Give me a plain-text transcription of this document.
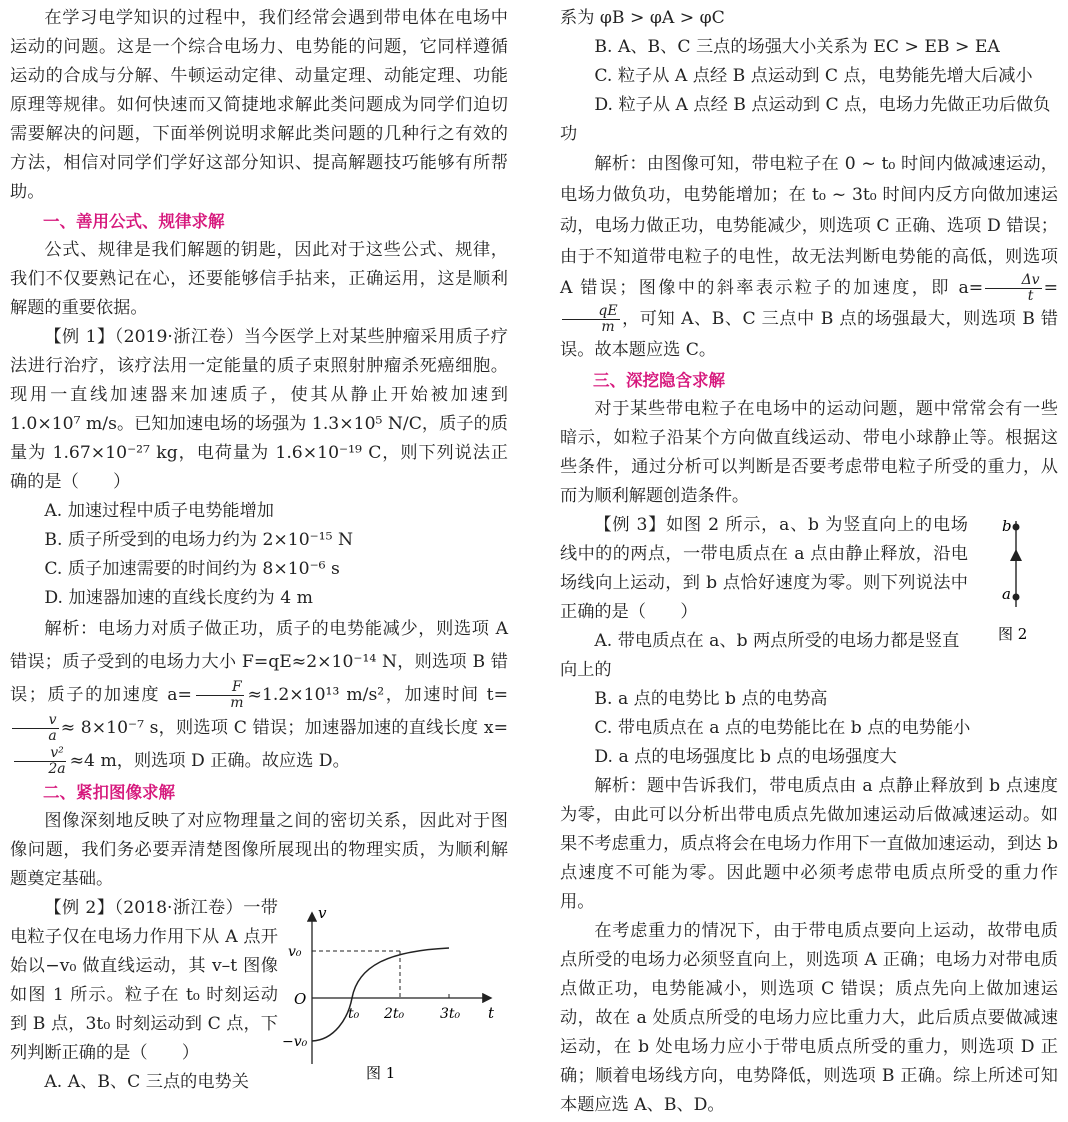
在学习电学知识的过程中，我们经常会遇到带电体在电场中运动的问题。这是一个综合电场力、电势能的问题，它同样遵循运动的合成与分解、牛顿运动定律、动量定理、动能定理、功能原理等规律。如何快速而又简捷地求解此类问题成为同学们迫切需要解决的问题，下面举例说明求解此类问题的几种行之有效的方法，相信对同学们学好这部分知识、提高解题技巧能够有所帮助。

一、善用公式、规律求解

公式、规律是我们解题的钥匙，因此对于这些公式、规律，我们不仅要熟记在心，还要能够信手拈来，正确运用，这是顺利解题的重要依据。

【例 1】（2019·浙江卷）当今医学上对某些肿瘤采用质子疗法进行治疗，该疗法用一定能量的质子束照射肿瘤杀死癌细胞。现用一直线加速器来加速质子，使其从静止开始被加速到 1.0×10⁷ m/s。已知加速电场的场强为 1.3×10⁵ N/C，质子的质量为 1.67×10⁻²⁷ kg，电荷量为 1.6×10⁻¹⁹ C，则下列说法正确的是（　　）

A. 加速过程中质子电势能增加

B. 质子所受到的电场力约为 2×10⁻¹⁵ N

C. 质子加速需要的时间约为 8×10⁻⁶ s

D. 加速器加速的直线长度约为 4 m

解析：电场力对质子做正功，质子的电势能减少，则选项 A 错误；质子受到的电场力大小 F=qE≈2×10⁻¹⁴ N，则选项 B 错误；质子的加速度 $a= \frac{F}{m} \approx 1.2\times 10^{13}$ m/s²，加速时间 t=
$\frac{v}{a} \approx 8\times 10^{-7}$ s，则选项 C 错误；加速器加速的直线长度 x=
$\frac{\text{v²}}{2a} \approx 4$ m，则选项 D 正确。故应选 D。

二、紧扣图像求解

图像深刻地反映了对应物理量之间的密切关系，因此对于图像问题，我们务必要弄清楚图像所展现出的物理实质，为顺利解题奠定基础。

【例 2】（2018·浙江卷）一带电粒子仅在电场力作用下从 A 点开始以−v₀ 做直线运动，其 v–t 图像如图 1 所示。粒子在 t₀ 时刻运动到 B 点，3t₀ 时刻运动到 C 点，下列判断正确的是（　　）

A. A、B、C 三点的电势关

v
t
O
v₀
−v₀
t₀ 2t₀	3t₀
图 1

系为 φB > φA > φC

B. A、B、C 三点的场强大小关系为 EC > EB > EA

C. 粒子从 A 点经 B 点运动到 C 点，电势能先增大后减小

D. 粒子从 A 点经 B 点运动到 C 点，电场力先做正功后做负功

解析：由图像可知，带电粒子在 0 ~ t₀ 时间内做减速运动，电场力做负功，电势能增加；在 t₀ ~ 3t₀ 时间内反方向做加速运动，电场力做正功，电势能减少，则选项 C 正确、选项 D 错误；由于不知道带电粒子的电性，故无法判断电势能的高低，则选项 A 错误；图像中的斜率表示粒子的加速度，即 $a= \frac{\Delta v}{t}$ =
$\frac{qE}{m}$ ，可知 A、B、C 三点中 B 点的场强最大，则选项 B 错误。故本题应选 C。

三、深挖隐含求解

对于某些带电粒子在电场中的运动问题，题中常常会有一些暗示，如粒子沿某个方向做直线运动、带电小球静止等。根据这些条件，通过分析可以判断是否要考虑带电粒子所受的重力，从而为顺利解题创造条件。

【例 3】如图 2 所示，a、b 为竖直向上的电场线中的的两点，一带电质点在 a 点由静止释放，沿电场线向上运动，到 b 点恰好速度为零。则下列说法中正确的是（　　）

A. 带电质点在 a、b 两点所受的电场力都是竖直向上的

b
a
图 2

B. a 点的电势比 b 点的电势高

C. 带电质点在 a 点的电势能比在 b 点的电势能小

D. a 点的电场强度比 b 点的电场强度大

解析：题中告诉我们，带电质点由 a 点静止释放到 b 点速度为零，由此可以分析出带电质点先做加速运动后做减速运动。如果不考虑重力，质点将会在电场力作用下一直做加速运动，到达 b 点速度不可能为零。因此题中必须考虑带电质点所受的重力作用。

在考虑重力的情况下，由于带电质点要向上运动，故带电质点所受的电场力必须竖直向上，则选项 A 正确；电场力对带电质点做正功，电势能减小，则选项 C 错误；质点先向上做加速运动，故在 a 处质点所受的电场力应比重力大，此后质点要做减速运动，在 b 处电场力应小于带电质点所受的重力，则选项 D 正确；顺着电场线方向，电势降低，则选项 B 正确。综上所述可知本题应选 A、B、D。
